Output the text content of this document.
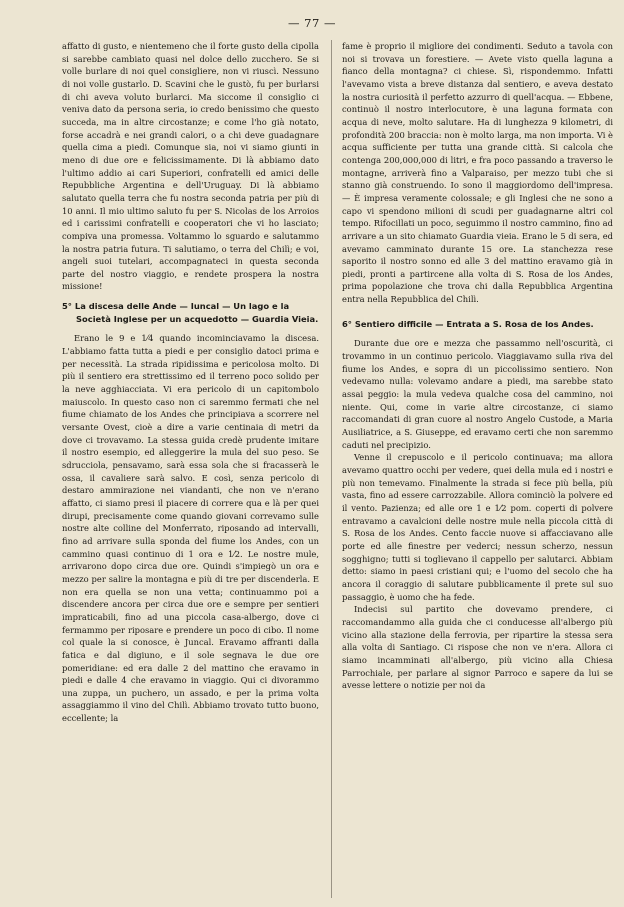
— 77 —

affatto di gusto, e nientemeno che il forte gusto della cipolla si sarebbe cambiato quasi nel dolce dello zucchero. Se si volle burlare di noi quel consigliere, non vi riuscì. Nessuno di noi volle gustarlo. D. Scavini che le gustò, fu per burlarsi di chi aveva voluto burlarci. Ma siccome il consiglio ci veniva dato da persona seria, io credo benissimo che questo succeda, ma in altre circostanze; e come l'ho già notato, forse accadrà e nei grandi calori, o a chi deve guadagnare quella cima a piedi. Comunque sia, noi vi siamo giunti in meno di due ore e felicissimamente. Di là abbiamo dato l'ultimo addio ai cari Superiori, confratelli ed amici delle Repubbliche Argentina e dell'Uruguay. Di là abbiamo salutato quella terra che fu nostra seconda patria per più di 10 anni. Il mio ultimo saluto fu per S. Nicolas de los Arroios ed i carissimi confratelli e cooperatori che vi ho lasciato; compiva una promessa. Voltammo lo sguardo e salutammo la nostra patria futura. Ti salutiamo, o terra del Chilì; e voi, angeli suoi tutelari, accompagnateci in questa seconda parte del nostro viaggio, e rendete prospera la nostra missione!

5° La discesa delle Ande — Iuncal — Un lago e la Società Inglese per un acquedotto — Guardia Vieia.

Erano le 9 e 1⁄4 quando incominciavamo la discesa. L'abbiamo fatta tutta a piedi e per consiglio datoci prima e per necessità. La strada ripidissima e pericolosa molto. Di più il sentiero era strettissimo ed il terreno poco solido per la neve agghiacciata. Vi era pericolo di un capitombolo maiuscolo. In questo caso non ci saremmo fermati che nel fiume chiamato de los Andes che principiava a scorrere nel versante Ovest, cioè a dire a varie centinaia di metri da dove ci trovavamo. La stessa guida credè prudente imitare il nostro esempio, ed alleggerire la mula del suo peso. Se sdrucciola, pensavamo, sarà essa sola che si fracasserà le ossa, il cavaliere sarà salvo. E così, senza pericolo di destaro ammirazione nei viandanti, che non ve n'erano affatto, ci siamo presi il piacere di correre qua e là per quei dirupi, precisamente come quando giovani correvamo sulle nostre alte colline del Monferrato, riposando ad intervalli, fino ad arrivare sulla sponda del fiume los Andes, con un cammino quasi continuo di 1 ora e 1⁄2. Le nostre mule, arrivarono dopo circa due ore. Quindi s'impiegò un ora e mezzo per salire la montagna e più di tre per discenderla. E non era quella se non una vetta; continuammo poi a discendere ancora per circa due ore e sempre per sentieri impraticabili, fino ad una piccola casa-albergo, dove ci fermammo per riposare e prendere un poco di cibo. Il nome col quale la si conosce, è Juncal. Eravamo affranti dalla fatica e dal digiuno, e il sole segnava le due ore pomeridiane: ed era dalle 2 del mattino che eravamo in piedi e dalle 4 che eravamo in viaggio. Qui ci divorammo una zuppa, un puchero, un assado, e per la prima volta assaggiammo il vino del Chilì. Abbiamo trovato tutto buono, eccellente; la

fame è proprio il migliore dei condimenti. Seduto a tavola con noi si trovava un forestiere. — Avete visto quella laguna a fianco della montagna? ci chiese. Sì, rispondemmo. Infatti l'avevamo vista a breve distanza dal sentiero, e aveva destato la nostra curiosità il perfetto azzurro di quell'acqua. — Ebbene, continuò il nostro interlocutore, è una laguna formata con acqua di neve, molto salutare. Ha di lunghezza 9 kilometri, di profondità 200 braccia: non è molto larga, ma non importa. Vi è acqua sufficiente per tutta una grande città. Si calcola che contenga 200,000,000 di litri, e fra poco passando a traverso le montagne, arriverà fino a Valparaiso, per mezzo tubi che si stanno già construendo. Io sono il maggiordomo dell'impresa. — È impresa veramente colossale; e gli Inglesi che ne sono a capo vi spendono milioni di scudi per guadagnarne altri col tempo. Rifocillati un poco, seguimmo il nostro cammino, fino ad arrivare a un sito chiamato Guardia vieia. Erano le 5 di sera, ed avevamo camminato durante 15 ore. La stanchezza rese saporito il nostro sonno ed alle 3 del mattino eravamo già in piedi, pronti a partircene alla volta di S. Rosa de los Andes, prima popolazione che trova chi dalla Repubblica Argentina entra nella Repubblica del Chilì.

6° Sentiero difficile — Entrata a S. Rosa de los Andes.

Durante due ore e mezza che passammo nell'oscurità, ci trovammo in un continuo pericolo. Viaggiavamo sulla riva del fiume los Andes, e sopra di un piccolissimo sentiero. Non vedevamo nulla: volevamo andare a piedi, ma sarebbe stato assai peggio: la mula vedeva qualche cosa del cammino, noi niente. Qui, come in varie altre circostanze, ci siamo raccomandati di gran cuore al nostro Angelo Custode, a Maria Ausiliatrice, a S. Giuseppe, ed eravamo certi che non saremmo caduti nel precipizio.

Venne il crepuscolo e il pericolo continuava; ma allora avevamo quattro occhi per vedere, quei della mula ed i nostri e più non temevamo. Finalmente la strada si fece più bella, più vasta, fino ad essere carrozzabile. Allora cominciò la polvere ed il vento. Pazienza; ed alle ore 1 e 1⁄2 pom. coperti di polvere entravamo a cavalcioni delle nostre mule nella piccola città di S. Rosa de los Andes. Cento faccie nuove si affacciavano alle porte ed alle finestre per vederci; nessun scherzo, nessun sogghigno; tutti si toglievano il cappello per salutarci. Abbiam detto: siamo in paesi cristiani qui; e l'uomo del secolo che ha ancora il coraggio di salutare pubblicamente il prete sul suo passaggio, è uomo che ha fede.

Indecisi sul partito che dovevamo prendere, ci raccomandammo alla guida che ci conducesse all'albergo più vicino alla stazione della ferrovia, per ripartire la stessa sera alla volta di Santiago. Ci rispose che non ve n'era. Allora ci siamo incamminati all'albergo, più vicino alla Chiesa Parrochiale, per parlare al signor Parroco e sapere da lui se avesse lettere o notizie per noi da
